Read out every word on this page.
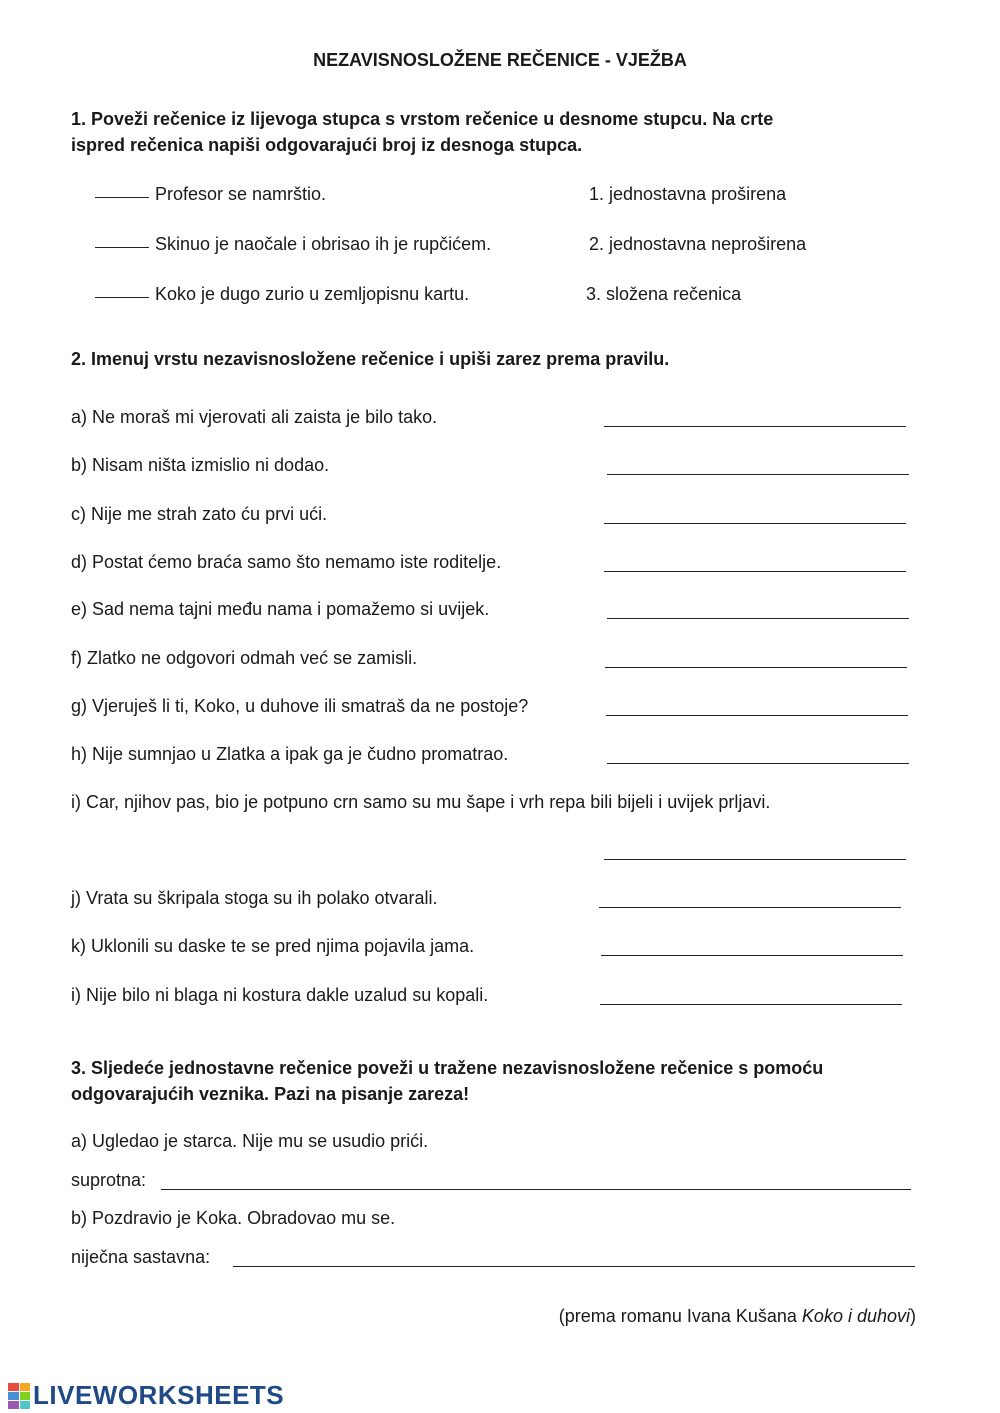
NEZAVISNOSLOŽENE REČENICE - VJEŽBA
1. Poveži rečenice iz lijevoga stupca s vrstom rečenice u desnome stupcu. Na crte
ispred rečenica napiši odgovarajući broj iz desnoga stupca.
Profesor se namrštio.
Skinuo je naočale i obrisao ih je rupčićem.
Koko je dugo zurio u zemljopisnu kartu.
1. jednostavna proširena
2. jednostavna neproširena
3. složena rečenica
2. Imenuj vrstu nezavisnosložene rečenice i upiši zarez prema pravilu.
a) Ne moraš mi vjerovati ali zaista je bilo tako.
b) Nisam ništa izmislio ni dodao.
c) Nije me strah zato ću prvi ući.
d) Postat ćemo braća samo što nemamo iste roditelje.
e) Sad nema tajni među nama i pomažemo si uvijek.
f) Zlatko ne odgovori odmah već se zamisli.
g) Vjeruješ li ti, Koko, u duhove ili smatraš da ne postoje?
h) Nije sumnjao u Zlatka a ipak ga je čudno promatrao.
i) Car, njihov pas, bio je potpuno crn samo su mu šape i vrh repa bili bijeli i uvijek prljavi.
j) Vrata su škripala stoga su ih polako otvarali.
k) Uklonili su daske te se pred njima pojavila jama.
i) Nije bilo ni blaga ni kostura dakle uzalud su kopali.
3. Sljedeće jednostavne rečenice poveži u tražene nezavisnosložene rečenice s pomoću
odgovarajućih veznika. Pazi na pisanje zareza!
a) Ugledao je starca. Nije mu se usudio prići.
suprotna:
b) Pozdravio je Koka. Obradovao mu se.
niječna sastavna:
(prema romanu Ivana Kušana Koko i duhovi)
LIVEWORKSHEETS
